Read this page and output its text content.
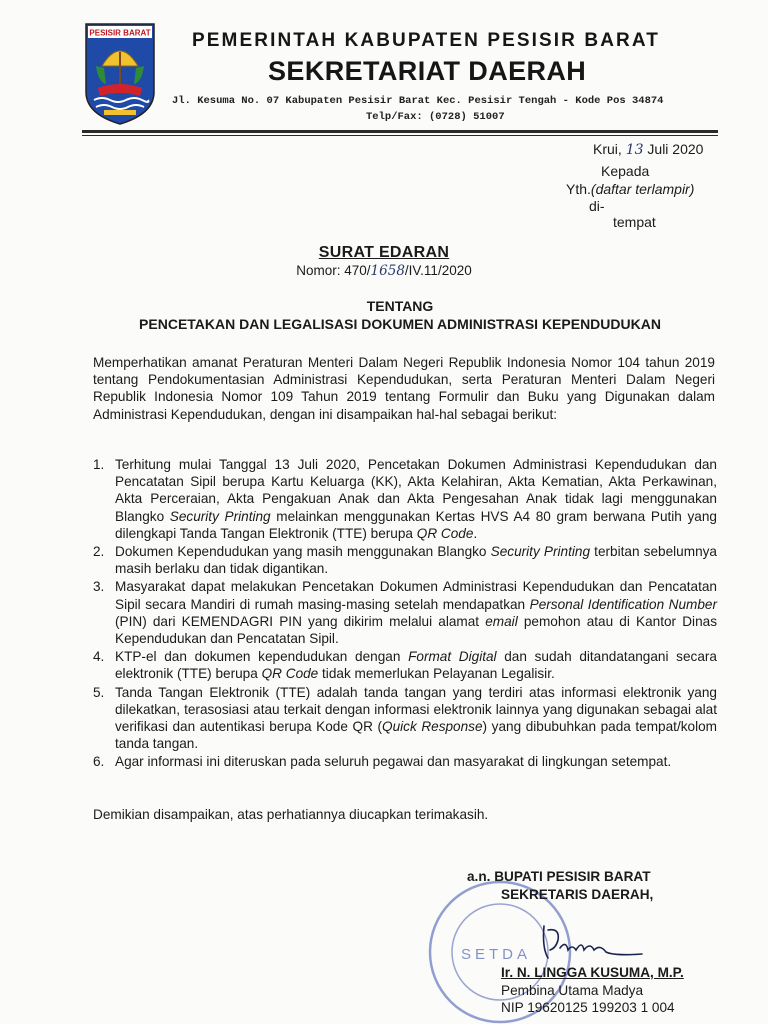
PESISIR BARAT PEMERINTAH KABUPATEN PESISIR BARAT
SEKRETARIAT DAERAH
Jl. Kesuma No. 07 Kabupaten Pesisir Barat Kec. Pesisir Tengah - Kode Pos 34874
Telp/Fax: (0728) 51007
Krui, 13 Juli 2020
Kepada
Yth.(daftar terlampir)
di-
tempat
SURAT EDARAN
Nomor: 470/1658/IV.11/2020
TENTANG
PENCETAKAN DAN LEGALISASI DOKUMEN ADMINISTRASI KEPENDUDUKAN
Memperhatikan amanat Peraturan Menteri Dalam Negeri Republik Indonesia Nomor 104 tahun 2019 tentang Pendokumentasian Administrasi Kependudukan, serta Peraturan Menteri Dalam Negeri Republik Indonesia Nomor 109 Tahun 2019 tentang Formulir dan Buku yang Digunakan dalam Administrasi Kependudukan, dengan ini disampaikan hal-hal sebagai berikut:
1. Terhitung mulai Tanggal 13 Juli 2020, Pencetakan Dokumen Administrasi Kependudukan dan Pencatatan Sipil berupa Kartu Keluarga (KK), Akta Kelahiran, Akta Kematian, Akta Perkawinan, Akta Perceraian, Akta Pengakuan Anak dan Akta Pengesahan Anak tidak lagi menggunakan Blangko Security Printing melainkan menggunakan Kertas HVS A4 80 gram berwana Putih yang dilengkapi Tanda Tangan Elektronik (TTE) berupa QR Code.
2. Dokumen Kependudukan yang masih menggunakan Blangko Security Printing terbitan sebelumnya masih berlaku dan tidak digantikan.
3. Masyarakat dapat melakukan Pencetakan Dokumen Administrasi Kependudukan dan Pencatatan Sipil secara Mandiri di rumah masing-masing setelah mendapatkan Personal Identification Number (PIN) dari KEMENDAGRI PIN yang dikirim melalui alamat email pemohon atau di Kantor Dinas Kependudukan dan Pencatatan Sipil.
4. KTP-el dan dokumen kependudukan dengan Format Digital dan sudah ditandatangani secara elektronik (TTE) berupa QR Code tidak memerlukan Pelayanan Legalisir.
5. Tanda Tangan Elektronik (TTE) adalah tanda tangan yang terdiri atas informasi elektronik yang dilekatkan, terasosiasi atau terkait dengan informasi elektronik lainnya yang digunakan sebagai alat verifikasi dan autentikasi berupa Kode QR (Quick Response) yang dibubuhkan pada tempat/kolom tanda tangan.
6. Agar informasi ini diteruskan pada seluruh pegawai dan masyarakat di lingkungan setempat.
Demikian disampaikan, atas perhatiannya diucapkan terimakasih.
SETDA
a.n. BUPATI PESISIR BARAT
SEKRETARIS DAERAH,
Ir. N. LINGGA KUSUMA, M.P.
Pembina Utama Madya
NIP 19620125 199203 1 004
